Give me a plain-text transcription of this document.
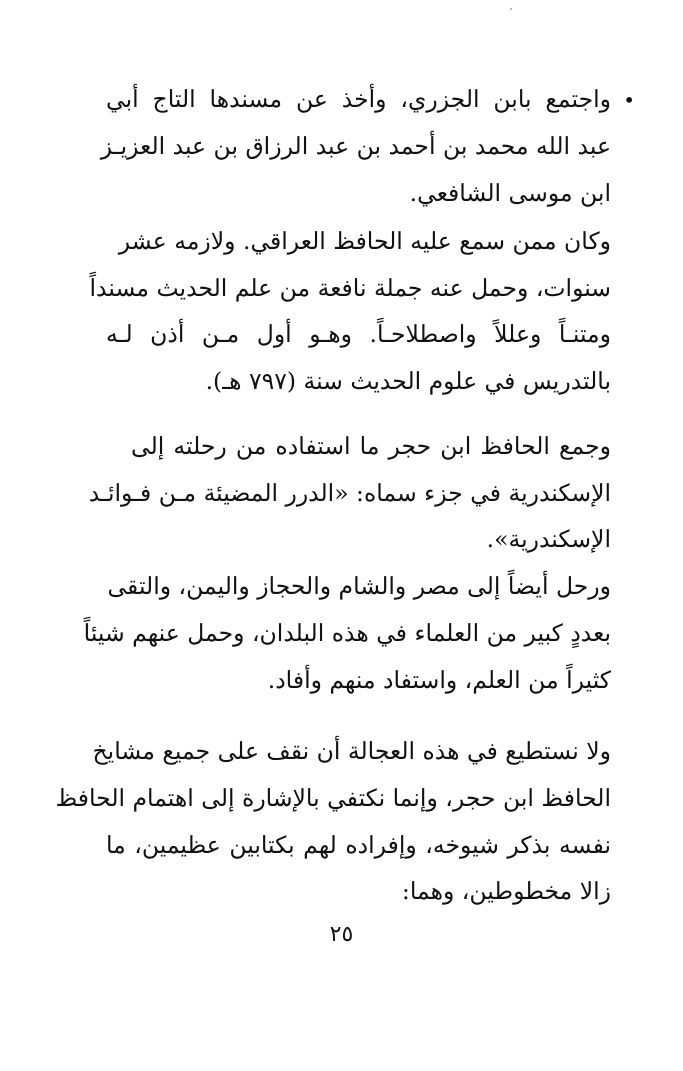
•
واجتمع بابن الجزري، وأخذ عن مسندها التاج أبي
عبد الله محمد بن أحمد بن عبد الرزاق بن عبد العزيـز
ابن موسى الشافعي.
وكان ممن سمع عليه الحافظ العراقي. ولازمه عشر
سنوات، وحمل عنه جملة نافعة من علم الحديث مسنداً
ومتنـاً وعللاً واصطلاحـاً. وهـو أول مـن أذن لـه
بالتدريس في علوم الحديث سنة (٧٩٧ هـ).
وجمع الحافظ ابن حجر ما استفاده من رحلته إلى
الإسكندرية في جزء سماه: «الدرر المضيئة مـن فـوائـد
الإسكندرية».
ورحل أيضاً إلى مصر والشام والحجاز واليمن، والتقى
بعددٍ كبير من العلماء في هذه البلدان، وحمل عنهم شيئاً
كثيراً من العلم، واستفاد منهم وأفاد.
ولا نستطيع في هذه العجالة أن نقف على جميع مشايخ
الحافظ ابن حجر، وإنما نكتفي بالإشارة إلى اهتمام الحافظ
نفسه بذكر شيوخه، وإفراده لهم بكتابين عظيمين، ما
زالا مخطوطين، وهما:
٢٥
